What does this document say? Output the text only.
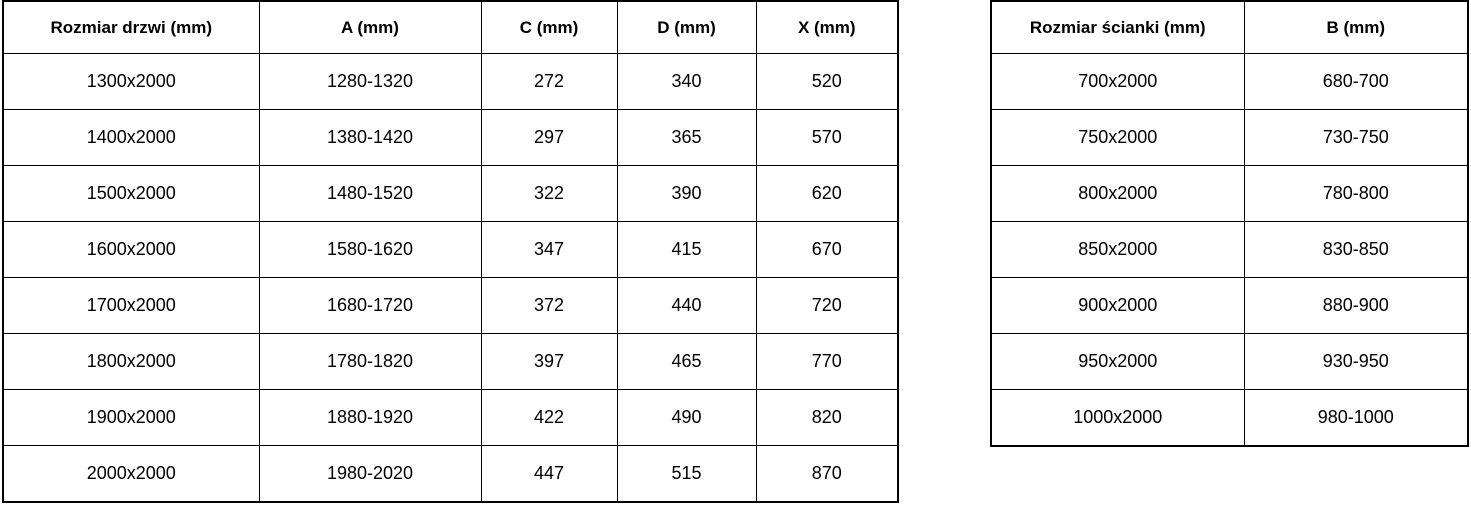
Rozmiar drzwi (mm)	A (mm)	C (mm)	D (mm)	X (mm)
1300x2000	1280-1320	272	340	520
1400x2000	1380-1420	297	365	570
1500x2000	1480-1520	322	390	620
1600x2000	1580-1620	347	415	670
1700x2000	1680-1720	372	440	720
1800x2000	1780-1820	397	465	770
1900x2000	1880-1920	422	490	820
2000x2000	1980-2020	447	515	870
Rozmiar ścianki (mm)	B (mm)
700x2000	680-700
750x2000	730-750
800x2000	780-800
850x2000	830-850
900x2000	880-900
950x2000	930-950
1000x2000	980-1000
